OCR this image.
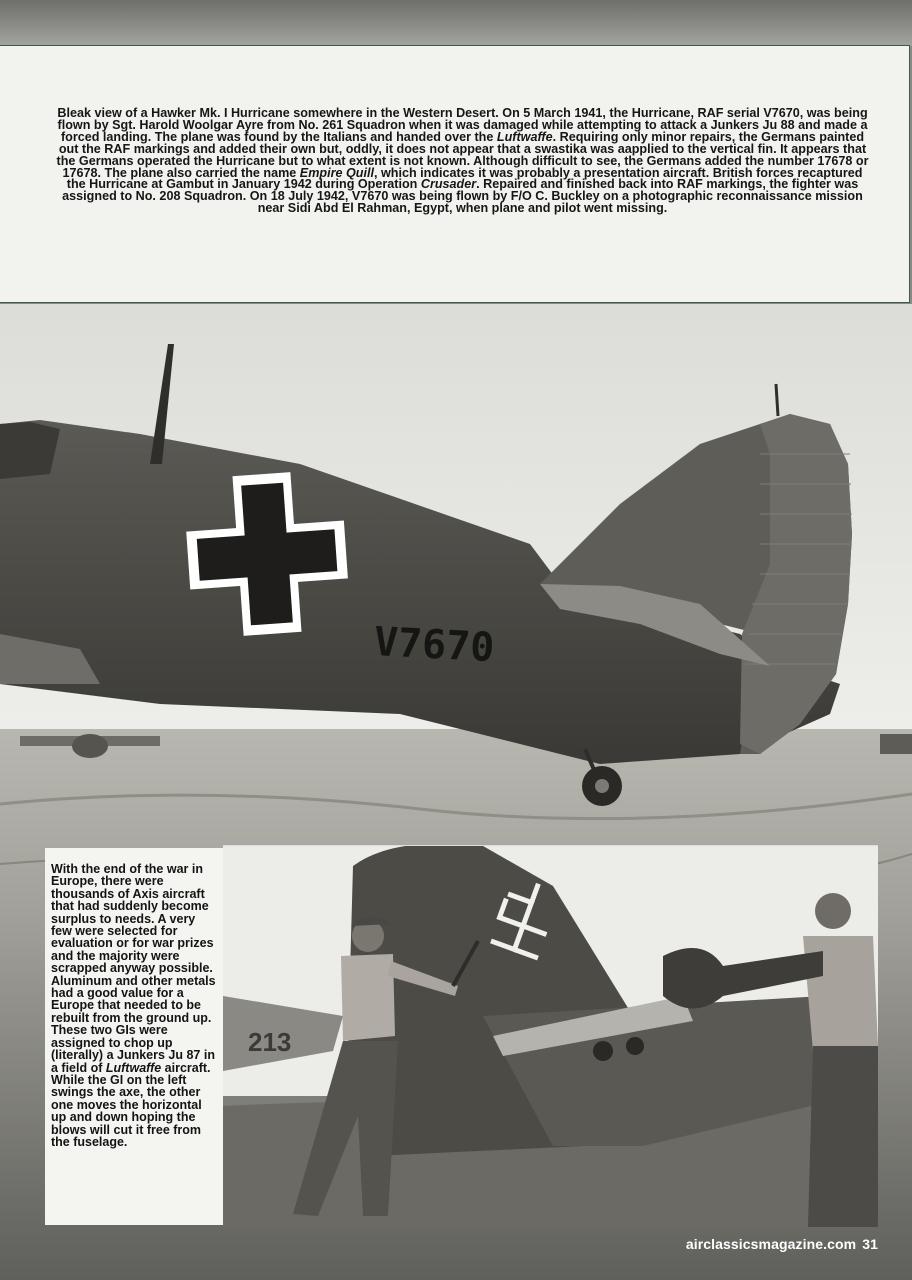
V7670

Bleak view of a Hawker Mk. I Hurricane somewhere in the Western Desert. On 5 March 1941, the Hurricane, RAF serial V7670, was being flown by Sgt. Harold Woolgar Ayre from No. 261 Squadron when it was damaged while attempting to attack a Junkers Ju 88 and made a forced landing. The plane was found by the Italians and handed over the Luftwaffe. Requiring only minor repairs, the Germans painted out the RAF markings and added their own but, oddly, it does not appear that a swastika was aapplied to the vertical fin. It appears that the Germans operated the Hurricane but to what extent is not known. Although difficult to see, the Germans added the number 17678 or 17678. The plane also carried the name Empire Quill, which indicates it was probably a presentation aircraft. British forces recaptured the Hurricane at Gambut in January 1942 during Operation Crusader. Repaired and finished back into RAF markings, the fighter was assigned to No. 208 Squadron. On 18 July 1942, V7670 was being flown by F/O C. Buckley on a photographic reconnaissance mission near Sidi Abd El Rahman, Egypt, when plane and pilot went missing.

213

With the end of the war in Europe, there were thousands of Axis aircraft that had suddenly become surplus to needs. A very few were selected for evaluation or for war prizes and the majority were scrapped anyway possible. Aluminum and other metals had a good value for a Europe that needed to be rebuilt from the ground up. These two GIs were assigned to chop up (literally) a Junkers Ju 87 in a field of Luftwaffe aircraft. While the GI on the left swings the axe, the other one moves the horizontal up and down hoping the blows will cut it free from the fuselage.

airclassicsmagazine.com 31
